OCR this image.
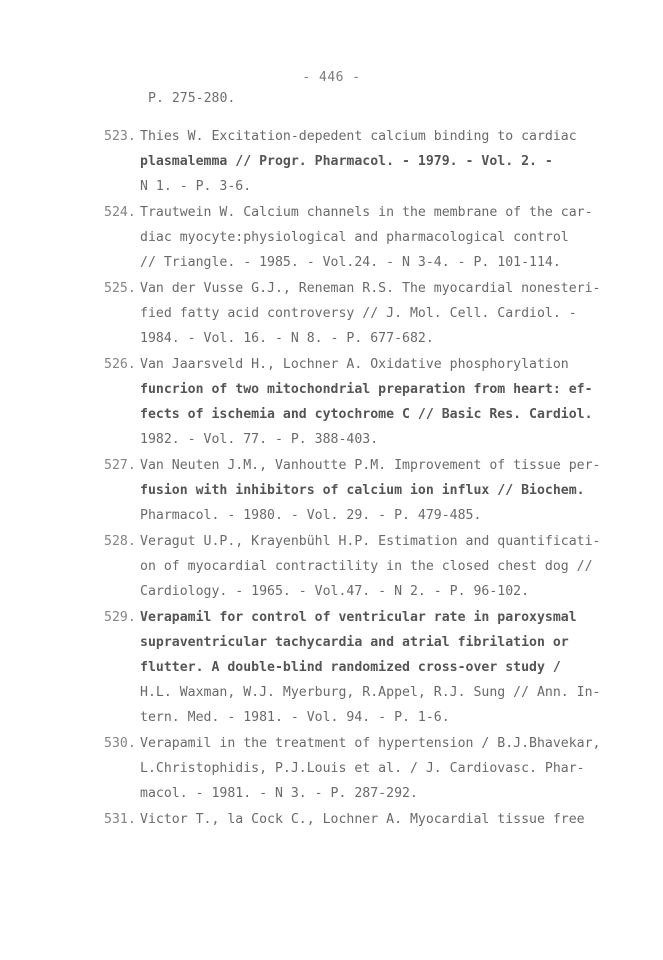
- 446 -
Р. 275-280.
523. Thies W. Excitation-depedent calcium binding to cardiac
plasmalemma // Progr. Pharmacol. - 1979. - Vol. 2. -
N 1. - P. 3-6.
524. Trautwein W. Calcium channels in the membrane of the car-
diac myocyte:physiological and pharmacological control
// Triangle. - 1985. - Vol.24. - N 3-4. - P. 101-114.
525. Van der Vusse G.J., Reneman R.S. The myocardial nonesteri-
fied fatty acid controversy // J. Mol. Cell. Cardiol. -
1984. - Vol. 16. - N 8. - P. 677-682.
526. Van Jaarsveld H., Lochner A. Oxidative phosphorylation
funcrion of two mitochondrial preparation from heart: ef-
fects of ischemia and cytochrome C // Basic Res. Cardiol.
1982. - Vol. 77. - P. 388-403.
527. Van Neuten J.M., Vanhoutte P.M. Improvement of tissue per-
fusion with inhibitors of calcium ion influx // Biochem.
Pharmacol. - 1980. - Vol. 29. - P. 479-485.
528. Veragut U.P., Krayenbühl H.P. Estimation and quantificati-
on of myocardial contractility in the closed chest dog //
Cardiology. - 1965. - Vol.47. - N 2. - P. 96-102.
529. Verapamil for control of ventricular rate in paroxysmal
supraventricular tachycardia and atrial fibrilation or
flutter. A double-blind randomized cross-over study /
H.L. Waxman, W.J. Myerburg, R.Appel, R.J. Sung // Ann. In-
tern. Med. - 1981. - Vol. 94. - P. 1-6.
530. Verapamil in the treatment of hypertension / B.J.Bhavekar,
L.Christophidis, P.J.Louis et al. / J. Cardiovasc. Phar-
macol. - 1981. - N 3. - P. 287-292.
531. Victor T., la Cock C., Lochner A. Myocardial tissue free
